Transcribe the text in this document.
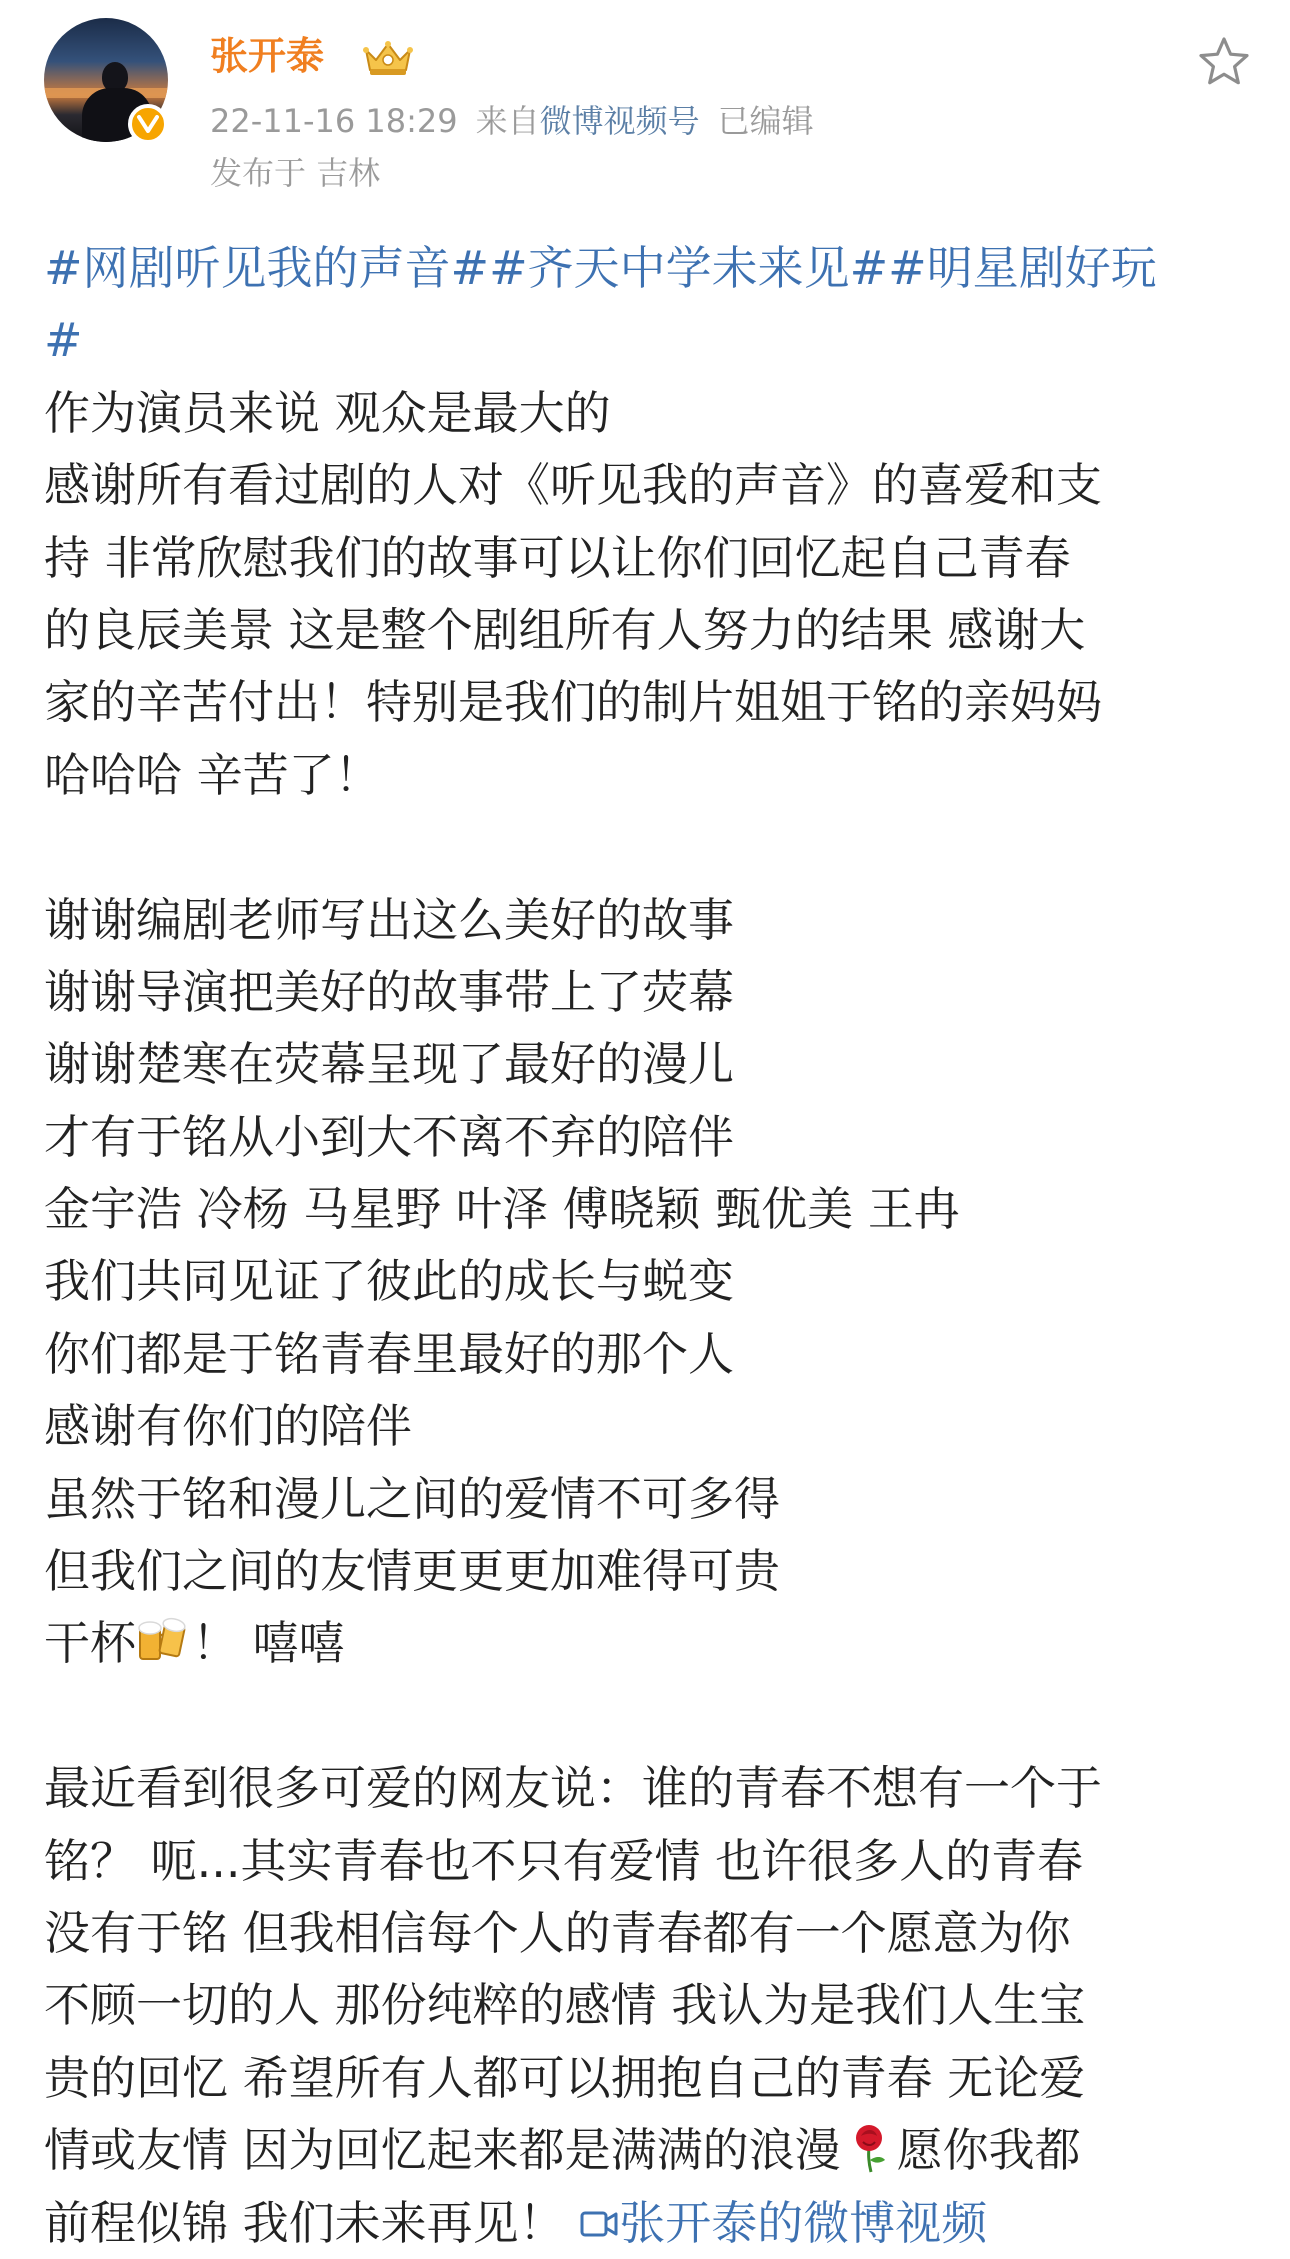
张开泰
22-11-16 18:29 来自微博视频号 已编辑
发布于 吉林
#网剧听见我的声音##齐天中学未来见##明星剧好玩
#
作为演员来说 观众是最大的
感谢所有看过剧的人对《听见我的声音》的喜爱和支
持 非常欣慰我们的故事可以让你们回忆起自己青春
的良辰美景 这是整个剧组所有人努力的结果 感谢大
家的辛苦付出！特别是我们的制片姐姐于铭的亲妈妈
哈哈哈 辛苦了！
谢谢编剧老师写出这么美好的故事
谢谢导演把美好的故事带上了荧幕
谢谢楚寒在荧幕呈现了最好的漫儿
才有于铭从小到大不离不弃的陪伴
金宇浩 冷杨 马星野 叶泽 傅晓颖 甄优美 王冉
我们共同见证了彼此的成长与蜕变
你们都是于铭青春里最好的那个人
感谢有你们的陪伴
虽然于铭和漫儿之间的爱情不可多得
但我们之间的友情更更更加难得可贵
干杯 ！ 嘻嘻
最近看到很多可爱的网友说：谁的青春不想有一个于
铭？ 呃...其实青春也不只有爱情 也许很多人的青春
没有于铭 但我相信每个人的青春都有一个愿意为你
不顾一切的人 那份纯粹的感情 我认为是我们人生宝
贵的回忆 希望所有人都可以拥抱自己的青春 无论爱
情或友情 因为回忆起来都是满满的浪漫 愿你我都
前程似锦 我们未来再见！ 张开泰的微博视频
